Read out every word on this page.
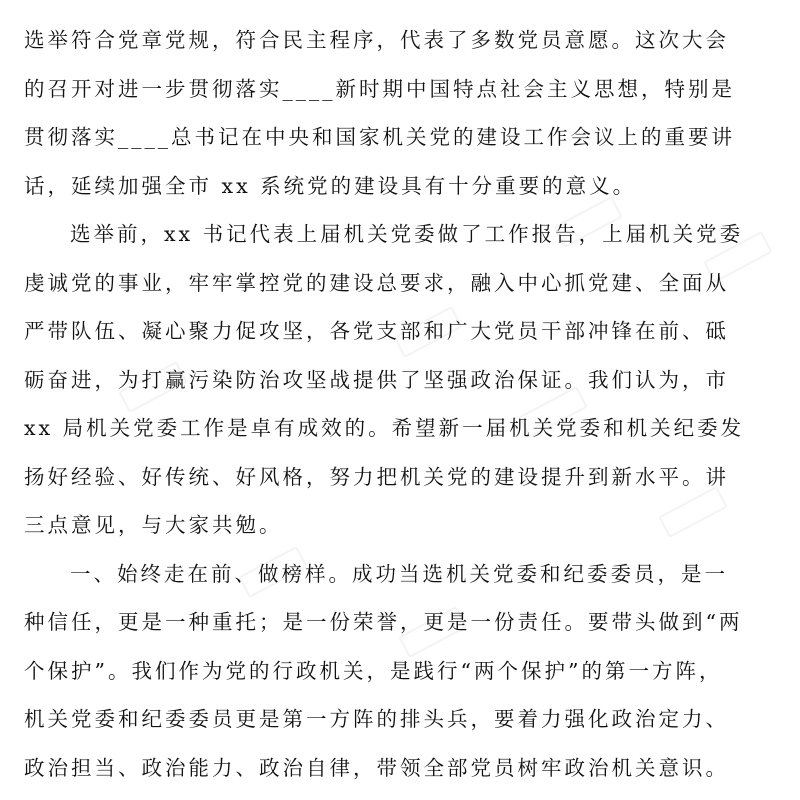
选举符合党章党规，符合民主程序，代表了多数党员意愿。这次大会
的召开对进一步贯彻落实____新时期中国特点社会主义思想，特别是
贯彻落实____总书记在中央和国家机关党的建设工作会议上的重要讲
话，延续加强全市 xx 系统党的建设具有十分重要的意义。
选举前，xx 书记代表上届机关党委做了工作报告，上届机关党委
虔诚党的事业，牢牢掌控党的建设总要求，融入中心抓党建、全面从
严带队伍、凝心聚力促攻坚，各党支部和广大党员干部冲锋在前、砥
砺奋进，为打赢污染防治攻坚战提供了坚强政治保证。我们认为，市
xx 局机关党委工作是卓有成效的。希望新一届机关党委和机关纪委发
扬好经验、好传统、好风格，努力把机关党的建设提升到新水平。讲
三点意见，与大家共勉。
一、始终走在前、做榜样。成功当选机关党委和纪委委员，是一
种信任，更是一种重托；是一份荣誉，更是一份责任。要带头做到“两
个保护”。我们作为党的行政机关，是践行“两个保护”的第一方阵，
机关党委和纪委委员更是第一方阵的排头兵，要着力强化政治定力、
政治担当、政治能力、政治自律，带领全部党员树牢政治机关意识。
